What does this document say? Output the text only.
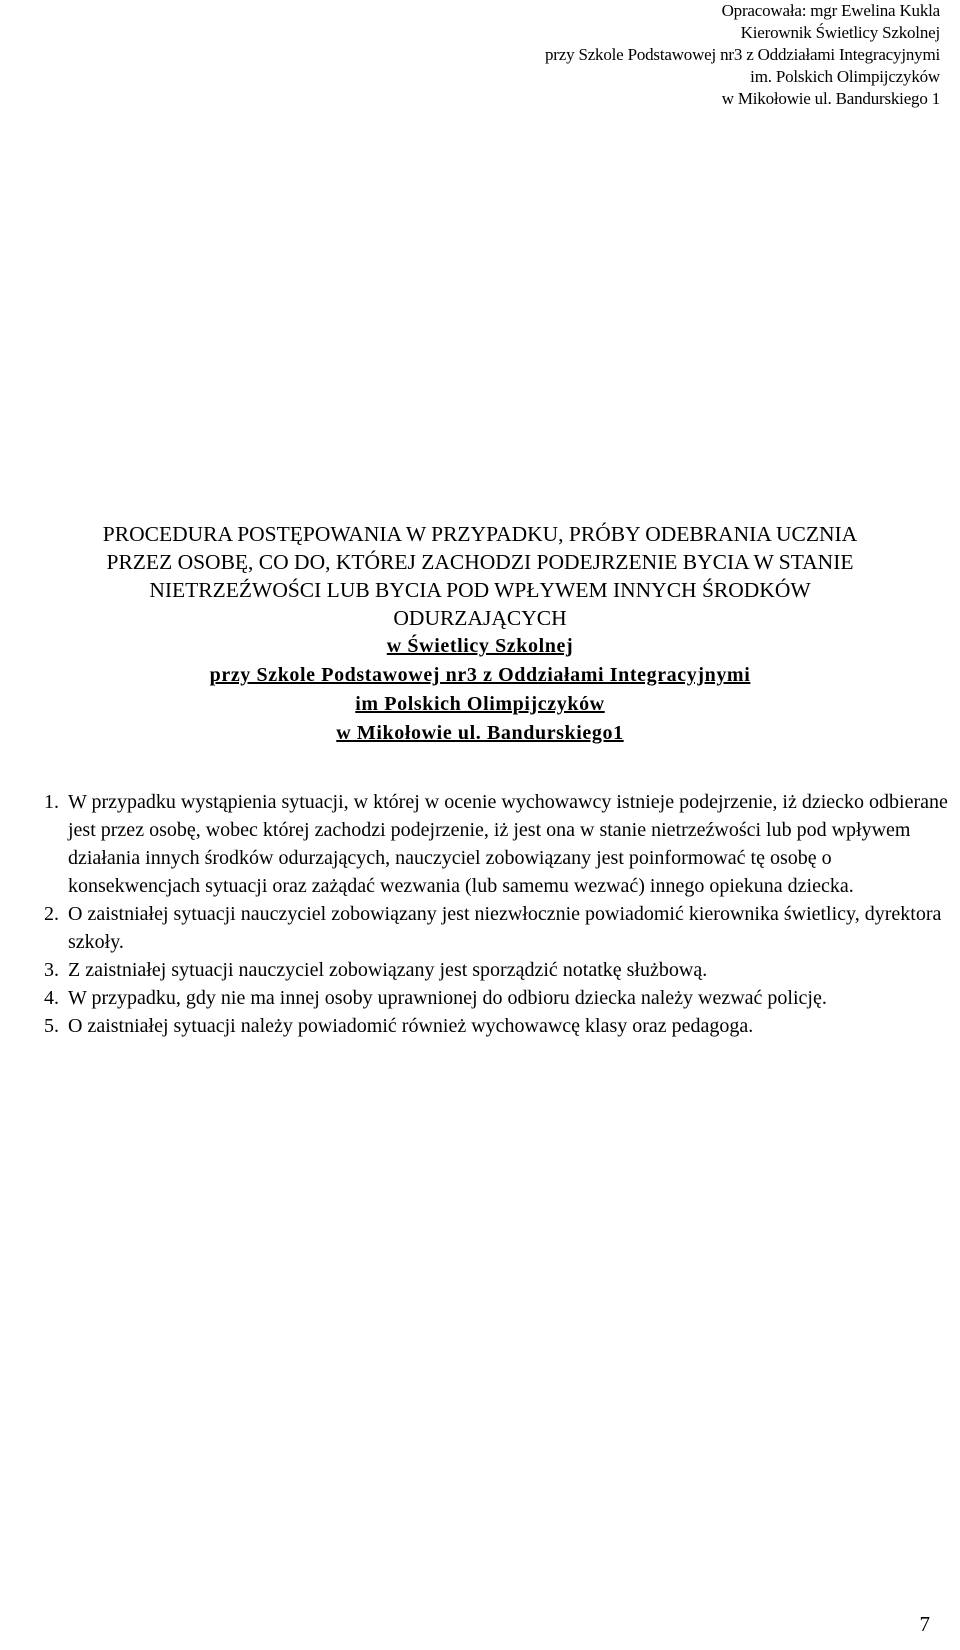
Opracowała: mgr Ewelina Kukla
Kierownik Świetlicy Szkolnej
przy Szkole Podstawowej nr3 z Oddziałami Integracyjnymi
im. Polskich Olimpijczyków
w Mikołowie ul. Bandurskiego 1
PROCEDURA POSTĘPOWANIA W PRZYPADKU, PRÓBY ODEBRANIA UCZNIA
PRZEZ OSOBĘ, CO DO, KTÓREJ ZACHODZI PODEJRZENIE BYCIA W STANIE
NIETRZEŹWOŚCI LUB BYCIA POD WPŁYWEM INNYCH ŚRODKÓW
ODURZAJĄCYCH
w Świetlicy Szkolnej
przy Szkole Podstawowej nr3 z Oddziałami Integracyjnymi
im Polskich Olimpijczyków
w Mikołowie ul. Bandurskiego1
1. W przypadku wystąpienia sytuacji, w której w ocenie wychowawcy istnieje podejrzenie, iż dziecko odbierane jest przez osobę, wobec której zachodzi podejrzenie, iż jest ona w stanie nietrzeźwości lub pod wpływem działania innych środków odurzających, nauczyciel zobowiązany jest poinformować tę osobę o konsekwencjach sytuacji oraz zażądać wezwania (lub samemu wezwać) innego opiekuna dziecka.
2. O zaistniałej sytuacji nauczyciel zobowiązany jest niezwłocznie powiadomić kierownika świetlicy, dyrektora szkoły.
3. Z zaistniałej sytuacji nauczyciel zobowiązany jest sporządzić notatkę służbową.
4. W przypadku, gdy nie ma innej osoby uprawnionej do odbioru dziecka należy wezwać policję.
5. O zaistniałej sytuacji należy powiadomić również wychowawcę klasy oraz pedagoga.
7
